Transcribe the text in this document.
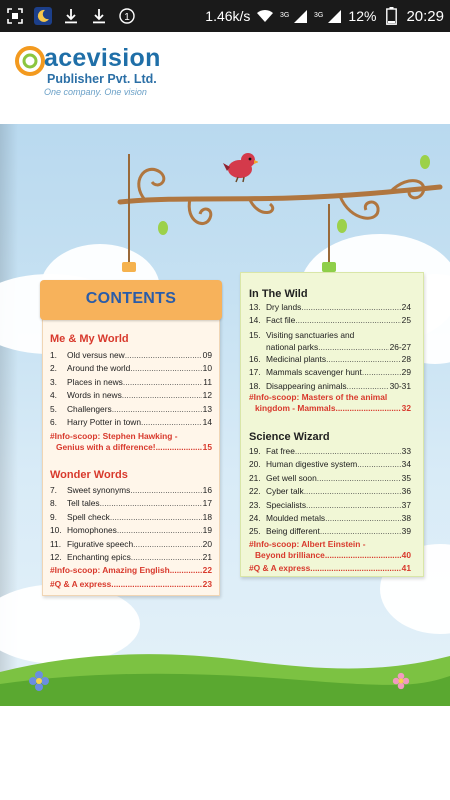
1	1.46k/s	3G	3G 12% 20:29
acevision
Publisher Pvt. Ltd.
One company. One vision
CONTENTS
Me & My World
1.	Old versus new .....	09
2.	Around the world .....	10
3.	Places in news .....	11
4.	Words in news .....	12
5.	Challengers .....	13
6.	Harry Potter in town .....	14
#Info-scoop: Stephen Hawking -
Genius with a difference! .....	15
Wonder Words
7.	Sweet synonyms .....	16
8.	Tell tales .....	17
9.	Spell check .....	18
10. Homophones .....	19
11. Figurative speech .....	20
12. Enchanting epics .....	21
#Info-scoop: Amazing English .....	22
#Q & A express .....	23
In The Wild
13. Dry lands .....	24
14. Fact file .....	25
15. Visiting sanctuaries and
national parks .....	26-27
16. Medicinal plants .....	28
17. Mammals scavenger hunt .....	29
18. Disappearing animals .....	30-31
#Info-scoop: Masters of the animal
kingdom - Mammals .....	32
Science Wizard
19. Fat free .....	33
20. Human digestive system .....	34
21. Get well soon .....	35
22. Cyber talk .....	36
23. Specialists .....	37
24. Moulded metals .....	38
25. Being different .....	39
#Info-scoop: Albert Einstein -
Beyond brilliance .....	40
#Q & A express .....	41
